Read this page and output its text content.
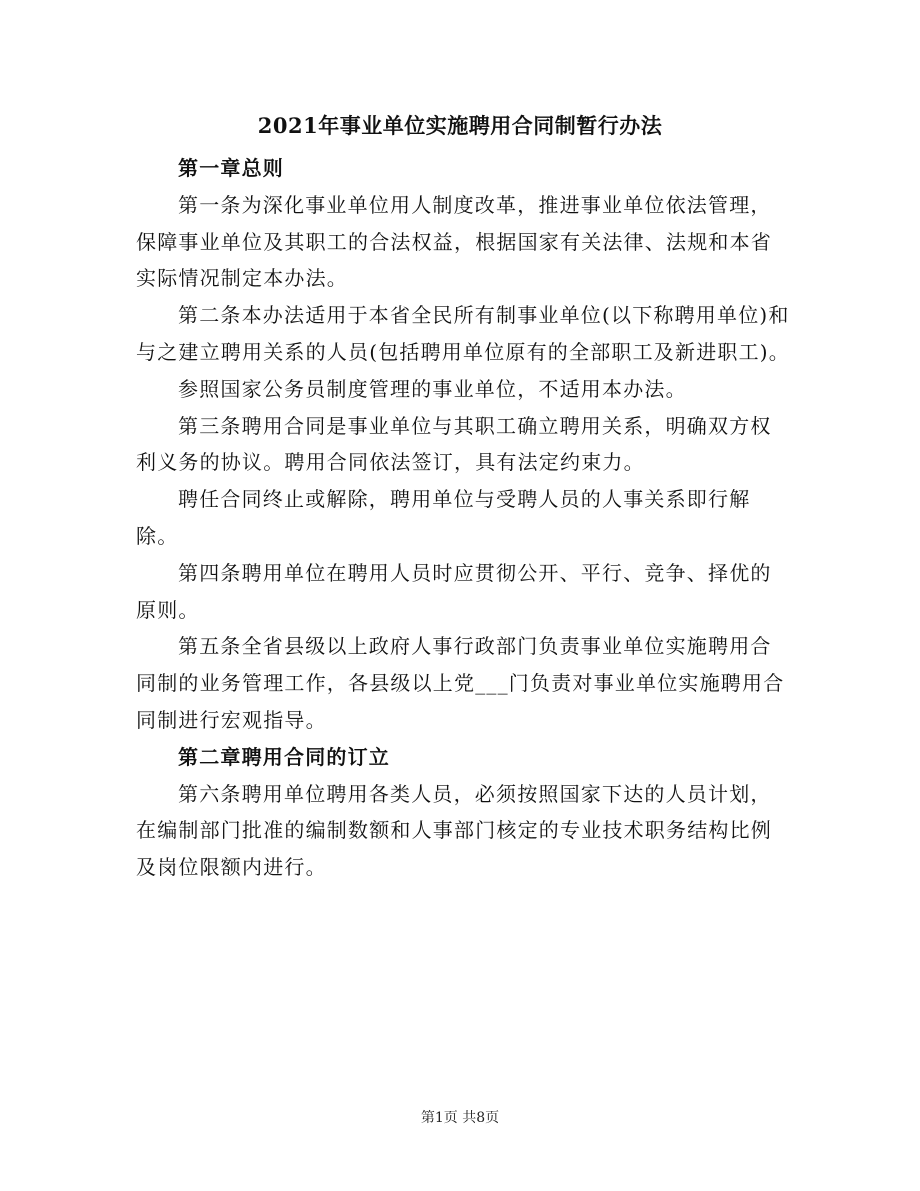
2021年事业单位实施聘用合同制暂行办法

第一章总则

第一条为深化事业单位用人制度改革，推进事业单位依法管理，保障事业单位及其职工的合法权益，根据国家有关法律、法规和本省实际情况制定本办法。

第二条本办法适用于本省全民所有制事业单位(以下称聘用单位)和与之建立聘用关系的人员(包括聘用单位原有的全部职工及新进职工)。

参照国家公务员制度管理的事业单位，不适用本办法。

第三条聘用合同是事业单位与其职工确立聘用关系，明确双方权利义务的协议。聘用合同依法签订，具有法定约束力。

聘任合同终止或解除，聘用单位与受聘人员的人事关系即行解除。

第四条聘用单位在聘用人员时应贯彻公开、平行、竞争、择优的原则。

第五条全省县级以上政府人事行政部门负责事业单位实施聘用合同制的业务管理工作，各县级以上党___门负责对事业单位实施聘用合同制进行宏观指导。

第二章聘用合同的订立

第六条聘用单位聘用各类人员，必须按照国家下达的人员计划，在编制部门批准的编制数额和人事部门核定的专业技术职务结构比例及岗位限额内进行。

第1页 共8页
